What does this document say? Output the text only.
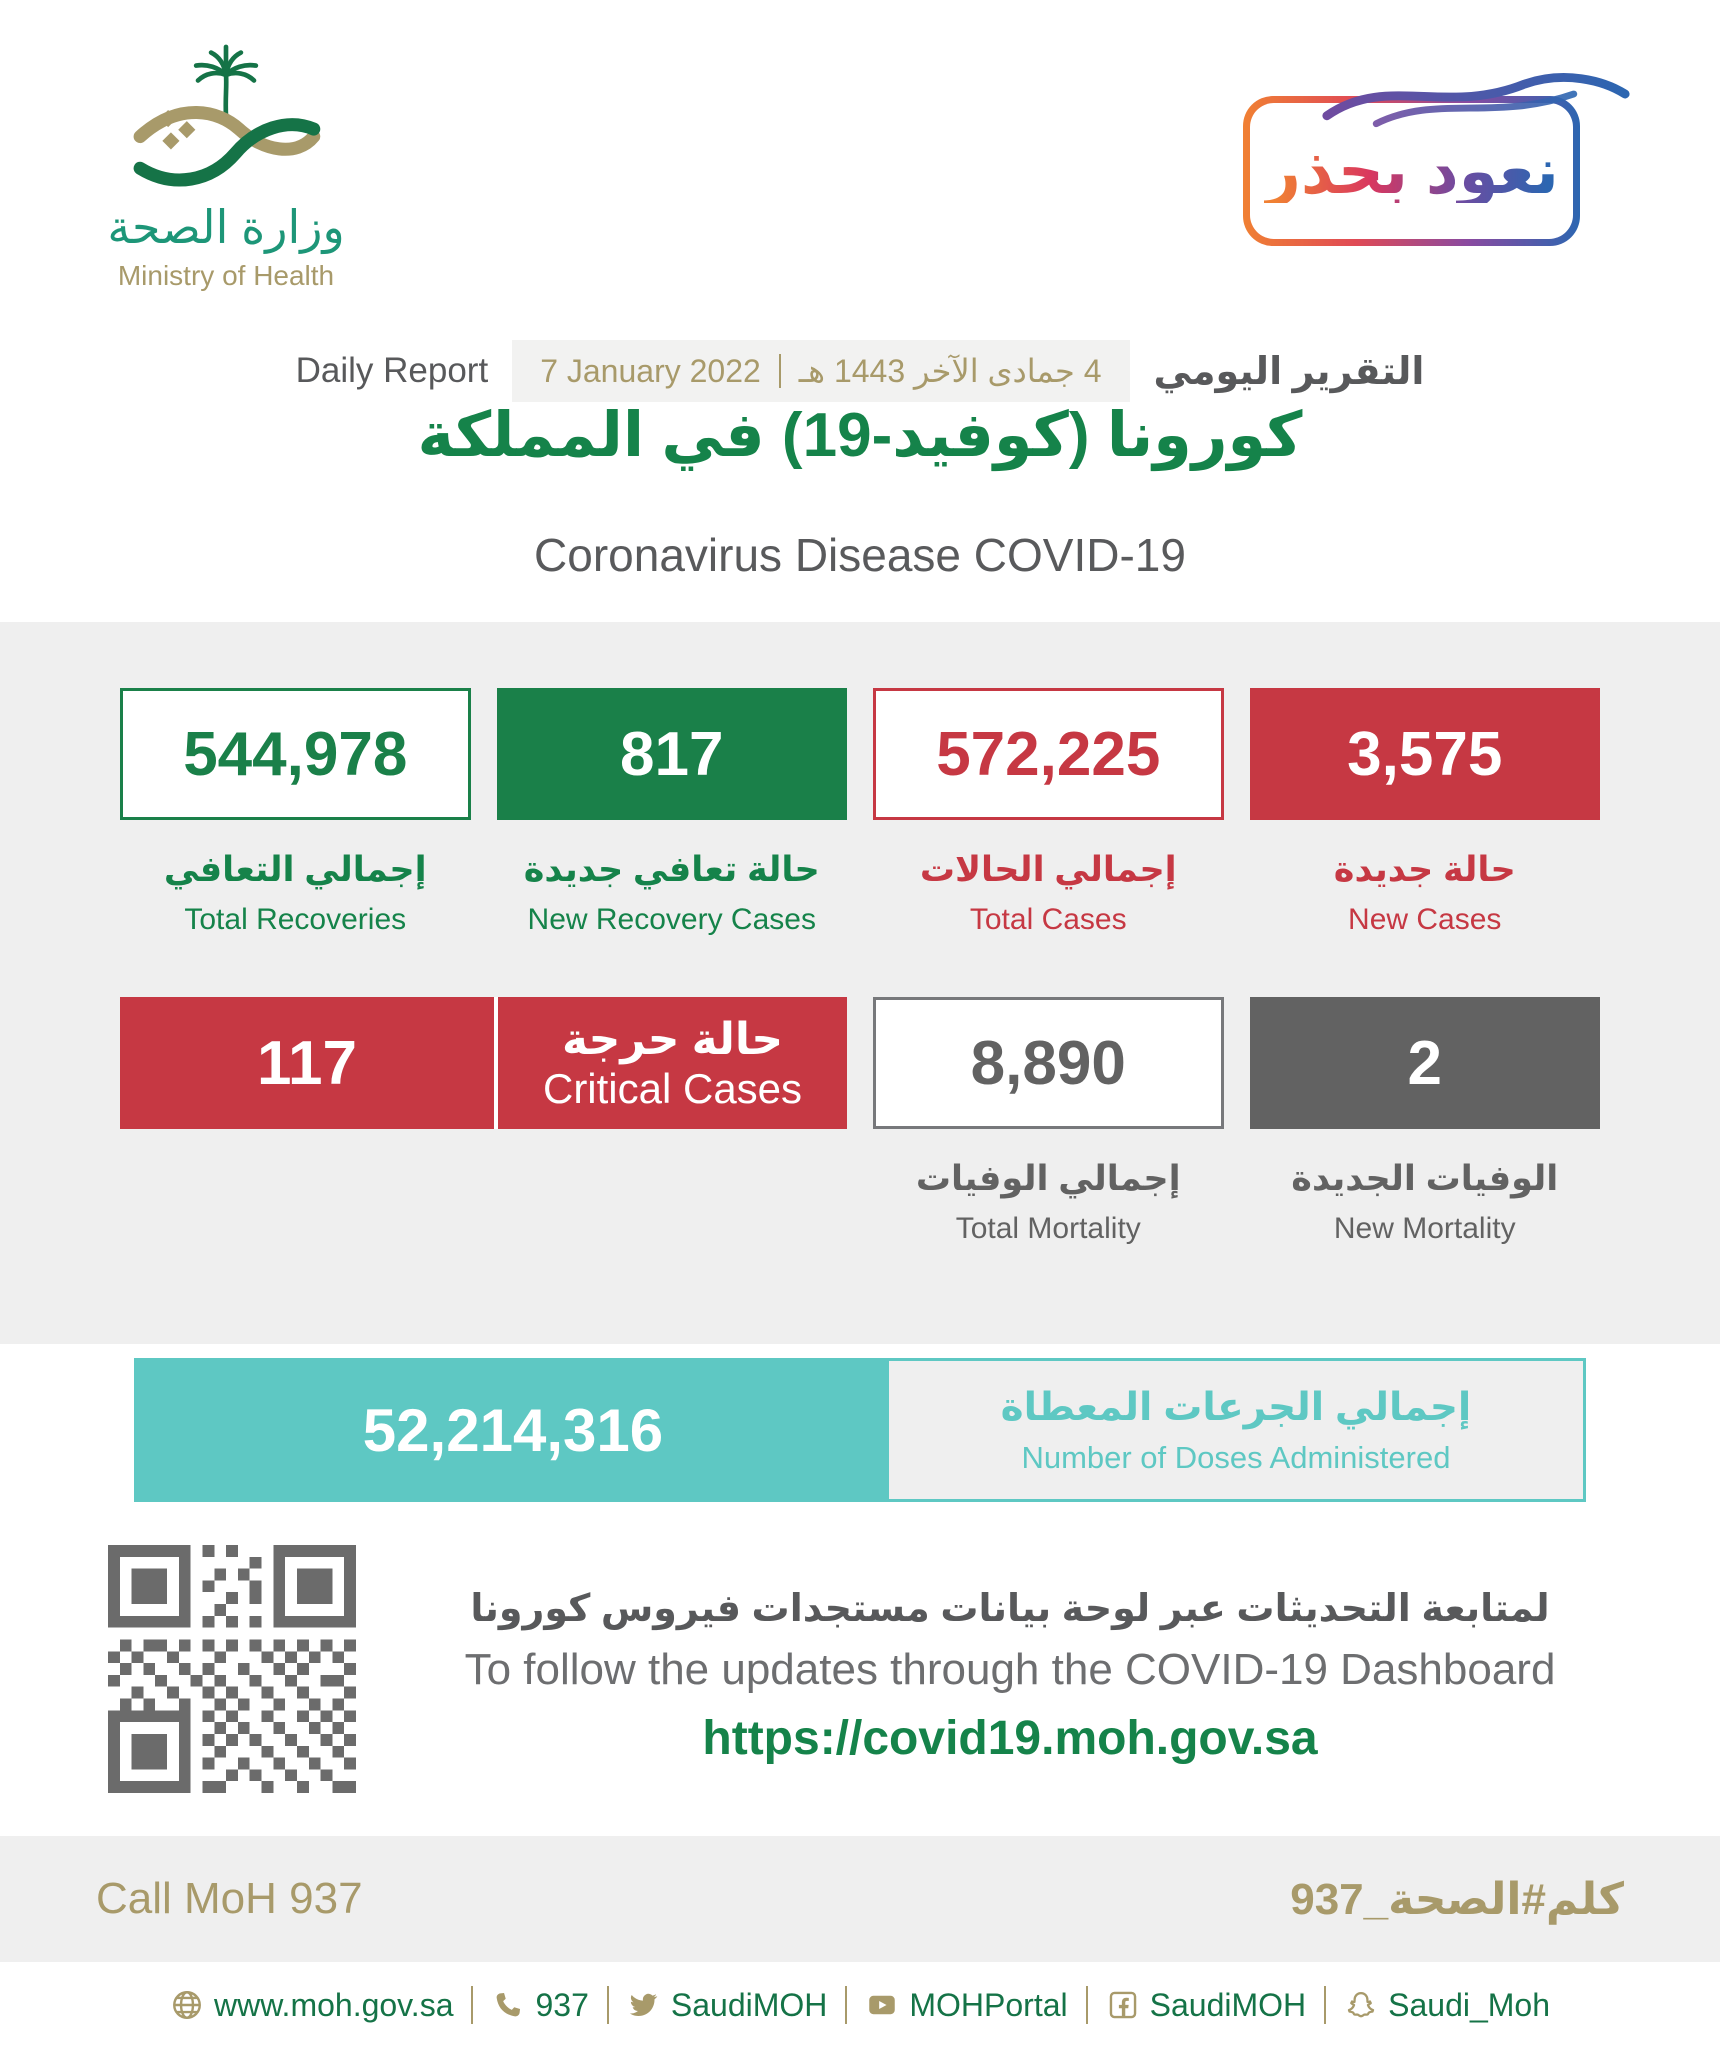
وزارة الصحة
Ministry of Health
نعود بحذر
Daily Report 7 January 2022 4 جمادى الآخر 1443 هـ التقرير اليومي
كورونا (كوفيد-19) في المملكة
Coronavirus Disease COVID-19
544,978
إجمالي التعافي
Total Recoveries
817
حالة تعافي جديدة
New Recovery Cases
572,225
إجمالي الحالات
Total Cases
3,575
حالة جديدة
New Cases
117	حالة حرجة
Critical Cases	8,890
إجمالي الوفيات
Total Mortality
2
الوفيات الجديدة
New Mortality
52,214,316	إجمالي الجرعات المعطاة
Number of Doses Administered
لمتابعة التحديثات عبر لوحة بيانات مستجدات فيروس كورونا
To follow the updates through the COVID-19 Dashboard
https://covid19.moh.gov.sa
Call MoH 937	كلم#الصحة_937
www.moh.gov.sa	937	SaudiMOH	MOHPortal	SaudiMOH	Saudi_Moh
